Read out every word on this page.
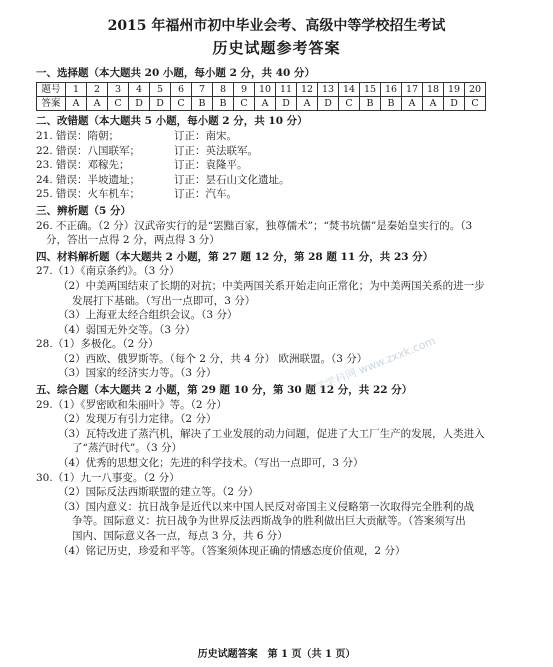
2015 年福州市初中毕业会考、高级中等学校招生考试
历史试题参考答案
一、选择题（本大题共 20 小题，每小题 2 分，共 40 分）
题号	1	2	3	4	5	6	7	8	9	10	11	12	13	14	15	16	17	18	19	20
答案	A	A	C	D	D	C	B	B	C	A	D	A	D	C	B	B	A	A	D	C
二、改错题（本大题共 5 小题，每小题 2 分，共 10 分）
21. 错误：隋朝；	订正：南宋。
22. 错误：八国联军；	订正：英法联军。
23. 错误：邓稼先；	订正：袁隆平。
24. 错误：半坡遗址；	订正：昙石山文化遗址。
25. 错误：火车机车；	订正：汽车。
三、辨析题（5 分）
26. 不正确。（2 分）汉武帝实行的是“罢黜百家，独尊儒术”；“焚书坑儒”是秦始皇实行的。（3
分，答出一点得 2 分，两点得 3 分）
四、材料解析题（本大题共 2 小题，第 27 题 12 分，第 28 题 11 分，共 23 分）
27.（1）《南京条约》。（3 分）
（2）中美两国结束了长期的对抗；中美两国关系开始走向正常化；为中美两国关系的进一步
发展打下基础。（写出一点即可，3 分）
（3）上海亚太经合组织会议。（3 分）
（4）弱国无外交等。（3 分）
28.（1）多极化。（2 分）
（2）西欧、俄罗斯等。（每个 2 分，共 4 分） 欧洲联盟。（3 分）
（3）国家的经济实力等。（3 分）
五、综合题（本大题共 2 小题，第 29 题 10 分，第 30 题 12 分，共 22 分）
29.（1）《罗密欧和朱丽叶》等。（2 分）
（2）发现万有引力定律。（2 分）
（3）瓦特改进了蒸汽机，解决了工业发展的动力问题，促进了大工厂生产的发展，人类进入
了“蒸汽时代”。（3 分）
（4）优秀的思想文化；先进的科学技术。（写出一点即可，3 分）
30.（1）九一八事变。（2 分）
（2）国际反法西斯联盟的建立等。（2 分）
（3）国内意义：抗日战争是近代以来中国人民反对帝国主义侵略第一次取得完全胜利的战
争等。国际意义：抗日战争为世界反法西斯战争的胜利做出巨大贡献等。（答案须写出
国内、国际意义各一点，每点 3 分，共 6 分）
（4）铭记历史，珍爱和平等。（答案须体现正确的情感态度价值观，2 分）
中学学科网 www.zxxk.com
历史试题答案　第 1 页（共 1 页）
